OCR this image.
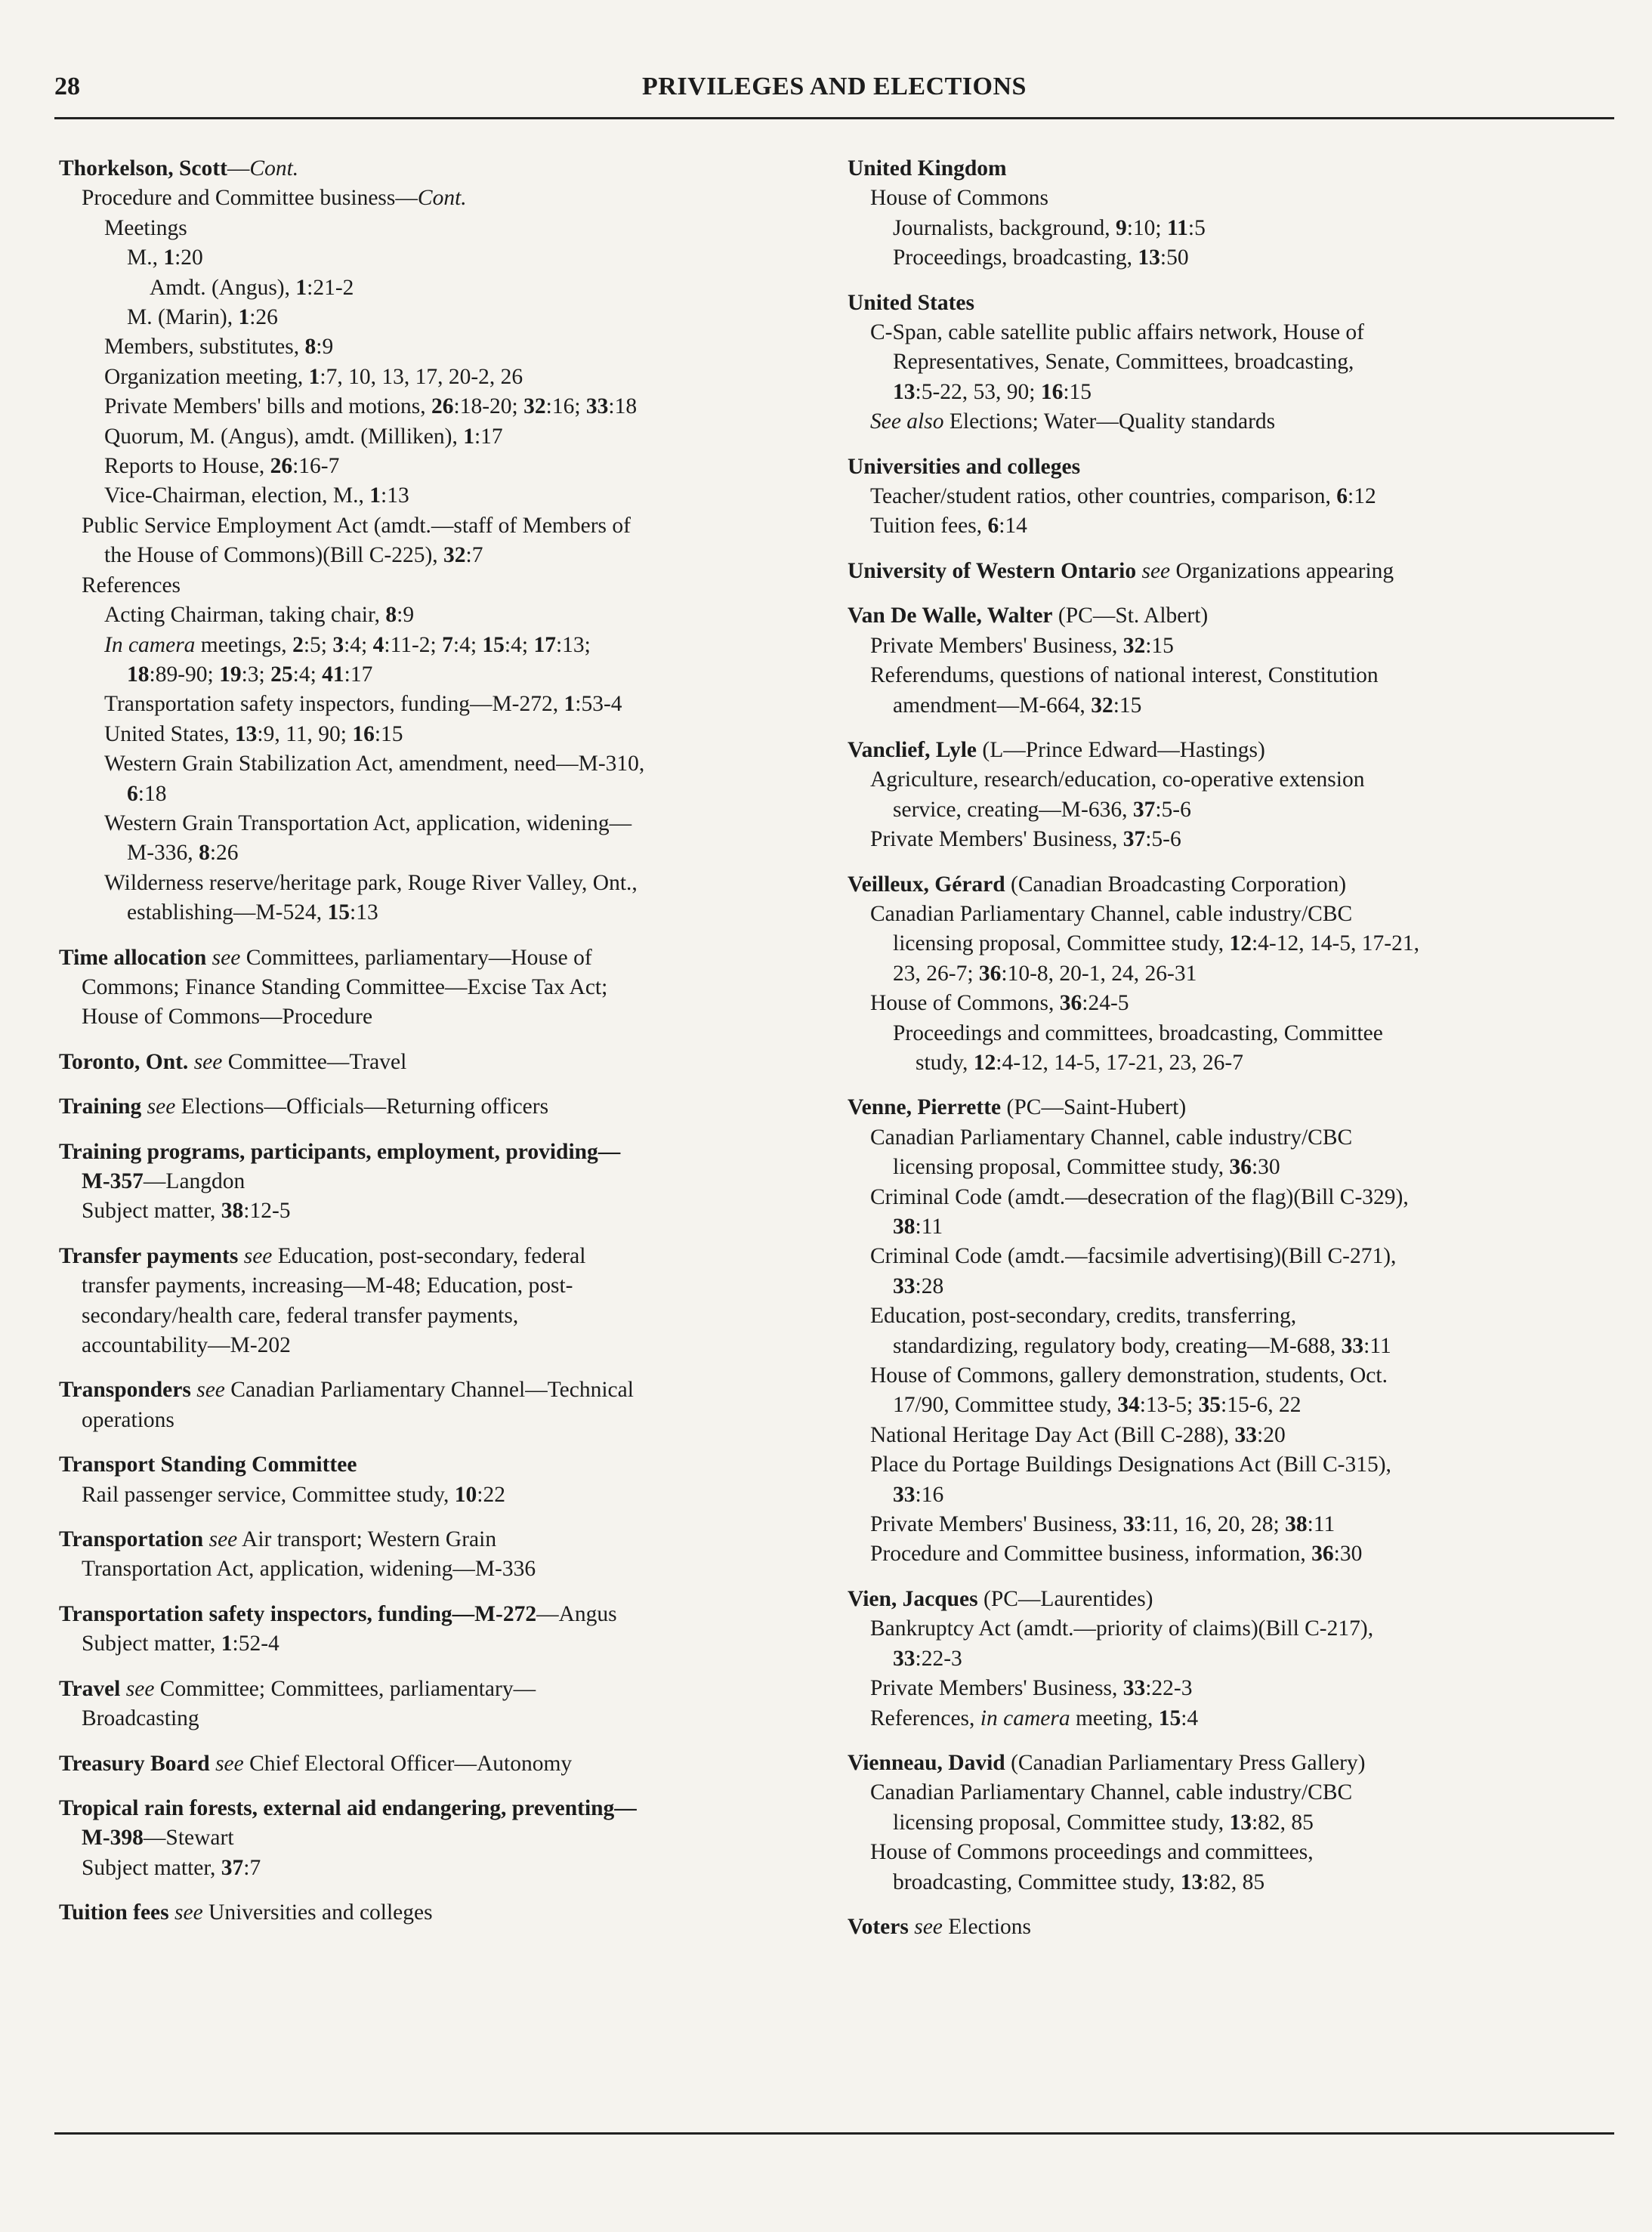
28	PRIVILEGES AND ELECTIONS
Thorkelson, Scott—Cont.
Procedure and Committee business—Cont.
Meetings
M., 1:20
Amdt. (Angus), 1:21-2
M. (Marin), 1:26
Members, substitutes, 8:9
Organization meeting, 1:7, 10, 13, 17, 20-2, 26
Private Members' bills and motions, 26:18-20; 32:16; 33:18
Quorum, M. (Angus), amdt. (Milliken), 1:17
Reports to House, 26:16-7
Vice-Chairman, election, M., 1:13
Public Service Employment Act (amdt.—staff of Members of
the House of Commons)(Bill C-225), 32:7
References
Acting Chairman, taking chair, 8:9
In camera meetings, 2:5; 3:4; 4:11-2; 7:4; 15:4; 17:13;
18:89-90; 19:3; 25:4; 41:17
Transportation safety inspectors, funding—M-272, 1:53-4
United States, 13:9, 11, 90; 16:15
Western Grain Stabilization Act, amendment, need—M-310,
6:18
Western Grain Transportation Act, application, widening—
M-336, 8:26
Wilderness reserve/heritage park, Rouge River Valley, Ont.,
establishing—M-524, 15:13
Time allocation see Committees, parliamentary—House of
Commons; Finance Standing Committee—Excise Tax Act;
House of Commons—Procedure
Toronto, Ont. see Committee—Travel
Training see Elections—Officials—Returning officers
Training programs, participants, employment, providing—
M-357—Langdon
Subject matter, 38:12-5
Transfer payments see Education, post-secondary, federal
transfer payments, increasing—M-48; Education, post-
secondary/health care, federal transfer payments,
accountability—M-202
Transponders see Canadian Parliamentary Channel—Technical
operations
Transport Standing Committee
Rail passenger service, Committee study, 10:22
Transportation see Air transport; Western Grain
Transportation Act, application, widening—M-336
Transportation safety inspectors, funding—M-272—Angus
Subject matter, 1:52-4
Travel see Committee; Committees, parliamentary—
Broadcasting
Treasury Board see Chief Electoral Officer—Autonomy
Tropical rain forests, external aid endangering, preventing—
M-398—Stewart
Subject matter, 37:7
Tuition fees see Universities and colleges
United Kingdom
House of Commons
Journalists, background, 9:10; 11:5
Proceedings, broadcasting, 13:50
United States
C-Span, cable satellite public affairs network, House of
Representatives, Senate, Committees, broadcasting,
13:5-22, 53, 90; 16:15
See also Elections; Water—Quality standards
Universities and colleges
Teacher/student ratios, other countries, comparison, 6:12
Tuition fees, 6:14
University of Western Ontario see Organizations appearing
Van De Walle, Walter (PC—St. Albert)
Private Members' Business, 32:15
Referendums, questions of national interest, Constitution
amendment—M-664, 32:15
Vanclief, Lyle (L—Prince Edward—Hastings)
Agriculture, research/education, co-operative extension
service, creating—M-636, 37:5-6
Private Members' Business, 37:5-6
Veilleux, Gérard (Canadian Broadcasting Corporation)
Canadian Parliamentary Channel, cable industry/CBC
licensing proposal, Committee study, 12:4-12, 14-5, 17-21,
23, 26-7; 36:10-8, 20-1, 24, 26-31
House of Commons, 36:24-5
Proceedings and committees, broadcasting, Committee
study, 12:4-12, 14-5, 17-21, 23, 26-7
Venne, Pierrette (PC—Saint-Hubert)
Canadian Parliamentary Channel, cable industry/CBC
licensing proposal, Committee study, 36:30
Criminal Code (amdt.—desecration of the flag)(Bill C-329),
38:11
Criminal Code (amdt.—facsimile advertising)(Bill C-271),
33:28
Education, post-secondary, credits, transferring,
standardizing, regulatory body, creating—M-688, 33:11
House of Commons, gallery demonstration, students, Oct.
17/90, Committee study, 34:13-5; 35:15-6, 22
National Heritage Day Act (Bill C-288), 33:20
Place du Portage Buildings Designations Act (Bill C-315),
33:16
Private Members' Business, 33:11, 16, 20, 28; 38:11
Procedure and Committee business, information, 36:30
Vien, Jacques (PC—Laurentides)
Bankruptcy Act (amdt.—priority of claims)(Bill C-217),
33:22-3
Private Members' Business, 33:22-3
References, in camera meeting, 15:4
Vienneau, David (Canadian Parliamentary Press Gallery)
Canadian Parliamentary Channel, cable industry/CBC
licensing proposal, Committee study, 13:82, 85
House of Commons proceedings and committees,
broadcasting, Committee study, 13:82, 85
Voters see Elections
